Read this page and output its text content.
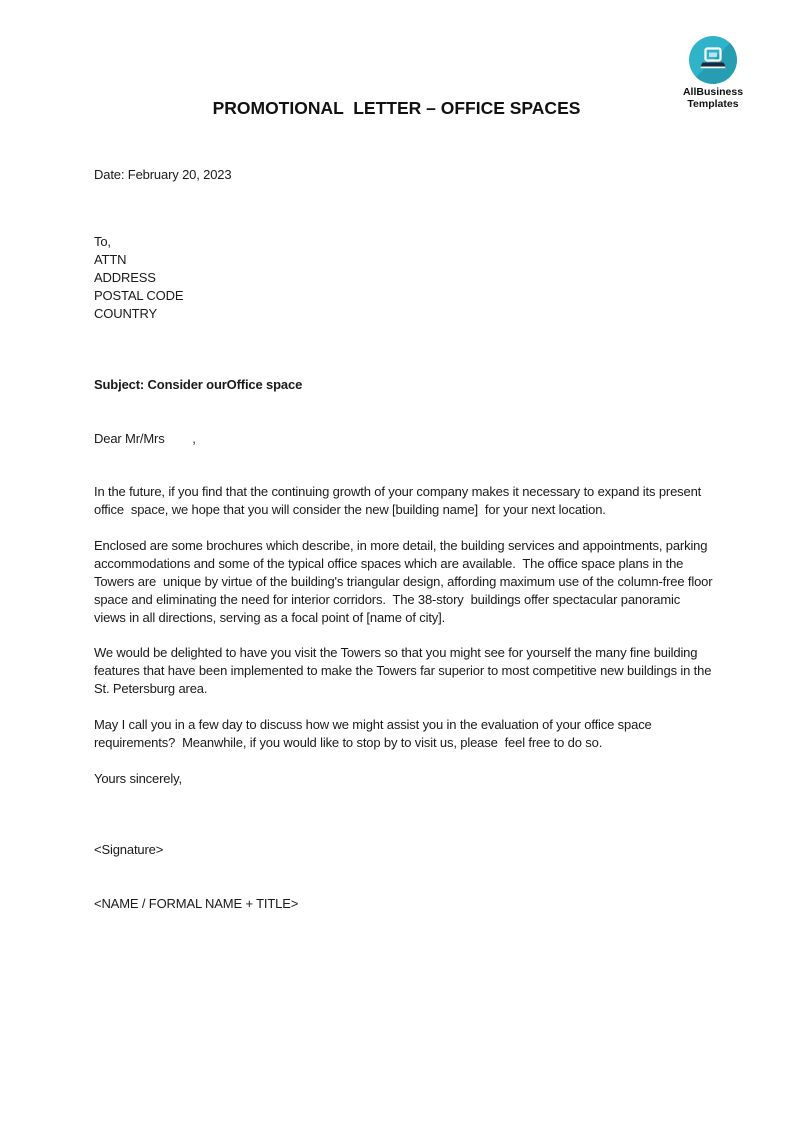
AllBusiness
Templates
PROMOTIONAL  LETTER – OFFICE SPACES
Date: February 20, 2023
To,
ATTN
ADDRESS
POSTAL CODE
COUNTRY
Subject: Consider ourOffice space
Dear Mr/Mrs        ,

In the future, if you find that the continuing growth of your company makes it necessary to expand its present office  space, we hope that you will consider the new [building name]  for your next location.

Enclosed are some brochures which describe, in more detail, the building services and appointments, parking accommodations and some of the typical office spaces which are available.  The office space plans in the Towers are  unique by virtue of the building's triangular design, affording maximum use of the column-free floor space and eliminating the need for interior corridors.  The 38-story  buildings offer spectacular panoramic views in all directions, serving as a focal point of [name of city].

We would be delighted to have you visit the Towers so that you might see for yourself the many fine building features that have been implemented to make the Towers far superior to most competitive new buildings in the St. Petersburg area.

May I call you in a few day to discuss how we might assist you in the evaluation of your office space requirements?  Meanwhile, if you would like to stop by to visit us, please  feel free to do so.

Yours sincerely,
<Signature>
<NAME / FORMAL NAME + TITLE>
